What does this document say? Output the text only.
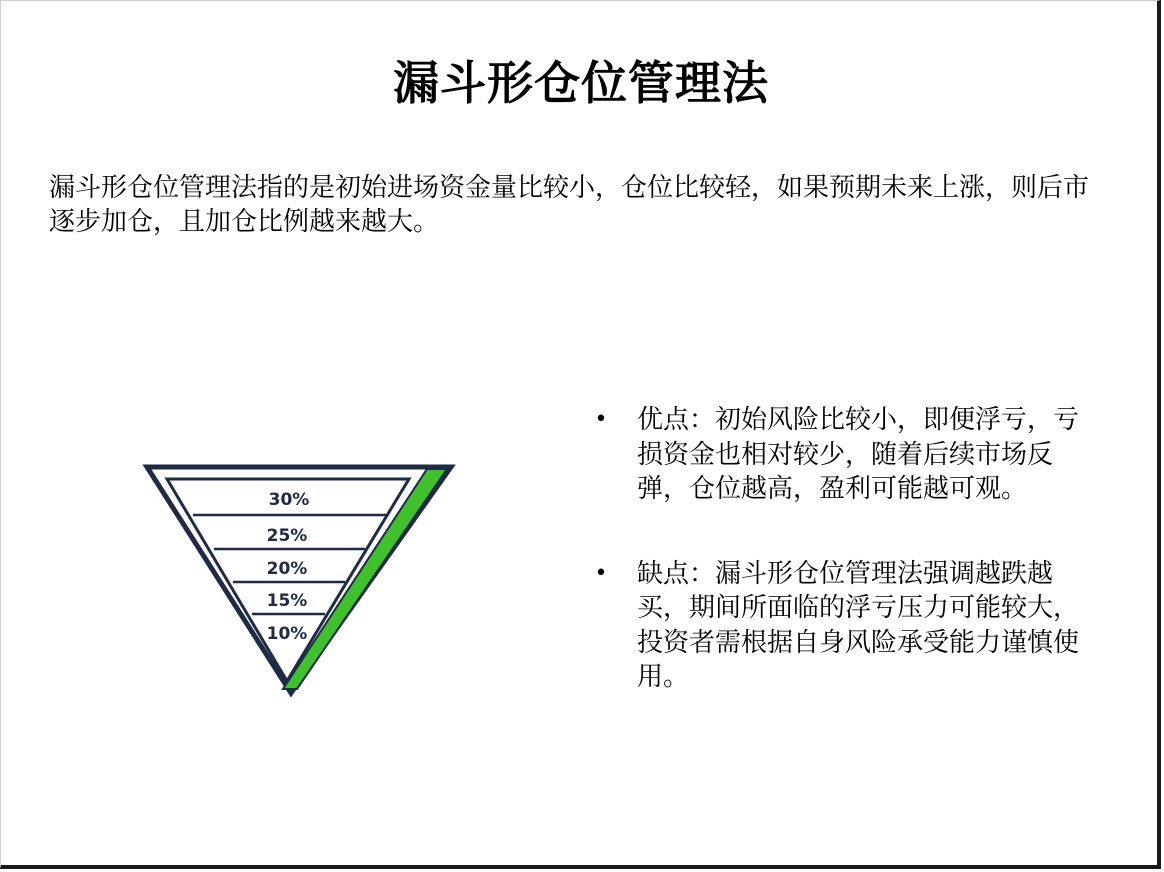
漏斗形仓位管理法

漏斗形仓位管理法指的是初始进场资金量比较小，仓位比较轻，如果预期未来上涨，则后市逐步加仓，且加仓比例越来越大。

30%
25%
20%
15%
10%
• 优点：初始风险比较小，即便浮亏，亏损资金也相对较少，随着后续市场反弹，仓位越高，盈利可能越可观。
• 缺点：漏斗形仓位管理法强调越跌越买，期间所面临的浮亏压力可能较大，投资者需根据自身风险承受能力谨慎使用。
